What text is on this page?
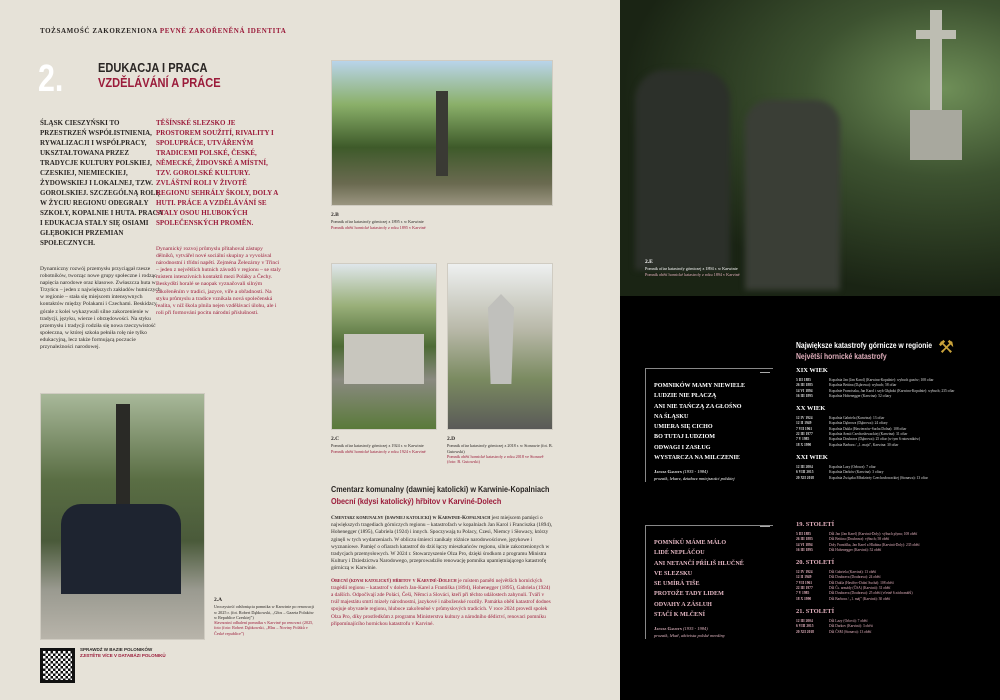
TOŻSAMOŚĆ ZAKORZENIONA PEVNĚ ZAKOŘENĚNÁ IDENTITA
2.	EDUKACJA I PRACA
VZDĚLÁVÁNÍ A PRÁCE
ŚLĄSK CIESZYŃSKI TO PRZESTRZEŃ WSPÓŁISTNIENIA, RYWALIZACJI I WSPÓŁPRACY, UKSZTAŁTOWANA PRZEZ TRADYCJE KULTURY POLSKIEJ, CZESKIEJ, NIEMIECKIEJ, ŻYDOWSKIEJ I LOKALNEJ, TZW. GOROLSKIEJ. SZCZEGÓLNĄ ROLĘ W ŻYCIU REGIONU ODEGRAŁY SZKOŁY, KOPALNIE I HUTA. PRACA I EDUKACJA STAŁY SIĘ OSIAMI GŁĘBOKICH PRZEMIAN SPOŁECZNYCH.
Dynamiczny rozwój przemysłu przyciągał rzesze robotników, tworząc nowe grupy społeczne i rodząc napięcia narodowe oraz klasowe. Zwłaszcza huta w Trzyńcu – jeden z największych zakładów hutniczych w regionie – stała się miejscem intensywnych kontaktów między Polakami i Czechami. Beskidzcy górale z kolei wykazywali silne zakorzenienie w tradycji, języku, wierze i obrzędowości. Na styku przemysłu i tradycji rodziła się nowa rzeczywistość społeczna, w której szkoła pełniła rolę nie tylko edukacyjną, lecz także formującą poczucie przynależności narodowej.
TĚŠÍNSKÉ SLEZSKO JE PROSTOREM SOUŽITÍ, RIVALITY I SPOLUPRÁCE, UTVÁŘENÝM TRADICEMI POLSKÉ, ČESKÉ, NĚMECKÉ, ŽIDOVSKÉ A MÍSTNÍ, TZV. GOROLSKÉ KULTURY. ZVLÁŠTNÍ ROLI V ŽIVOTĚ REGIONU SEHRÁLY ŠKOLY, DOLY A HUTI. PRÁCE A VZDĚLÁVÁNÍ SE STALY OSOU HLUBOKÝCH SPOLEČENSKÝCH PROMĚN.
Dynamický rozvoj průmyslu přitahoval zástupy dělníků, vytvářel nové sociální skupiny a vyvolával národnostní i třídní napětí. Zejména Železárny v Třinci – jeden z největších hutních závodů v regionu – se staly místem intenzivních kontaktů mezi Poláky a Čechy. Beskydští horalé se naopak vyznačovali silným zakořeněním v tradici, jazyce, víře a obřadnosti. Na styku průmyslu a tradice vznikala nová společenská realita, v níž škola plnila nejen vzdělávací úlohu, ale i roli při formování pocitu národní příslušnosti.
2.B
Pomnik ofiar katastrofy górniczej z 1895 r. w Karwinie
Pomník obětí hornické katastrofy z roku 1895 v Karviné
2.C
Pomnik ofiar katastrofy górniczej z 1924 r. w Karwinie
Pomník obětí hornické katastrofy z roku 1924 v Karviné
2.D
Pomnik ofiar katastrofy górniczej z 2018 r. w Stonawie (fot. B. Gutowski)
Pomník obětí hornické katastrofy z roku 2018 ve Stonavě (foto: B. Gutowski)
2.A
Uroczystość odsłonięcia pomnika w Karwinie po renowacji w 2025 r. (fot. Robert Dąbkowski, „Głos – Gazeta Polaków w Republice Czeskiej”)
Slavnostní odhalení pomníku v Karviné po renovaci (2025, foto (foto: Robert Dąbkowski, „Hlas – Noviny Poláků v České republice”)
SPRAWDŹ W BAZIE POLONIKÓW
ZJISTĚTE VÍCE V DATABÁZI POLONIKŮ
Cmentarz komunalny (dawniej katolicki) w Karwinie-Kopalniach
Obecní (kdysi katolický) hřbitov v Karviné-Dolech
Cmentarz komunalny (dawniej katolicki) w Karwinie-Kopalniach jest miejscem pamięci o największych tragediach górniczych regionu – katastrofach w kopalniach Jan Karol i Franciszka (1894), Hohenegger (1895), Gabriela (1924) i innych. Spoczywają tu Polacy, Czesi, Niemcy i Słowacy, którzy zginęli w tych wydarzeniach. W obliczu śmierci zanikały różnice narodowościowe, językowe i wyznaniowe. Pamięć o ofiarach katastrof do dziś łączy mieszkańców regionu, silnie zakorzenionych w tradycjach przemysłowych. W 2024 r. Stowarzyszenie Olza Pro, dzięki środkom z programu Ministra Kultury i Dziedzictwa Narodowego, przeprowadziło renowację pomnika upamiętniającego katastrofę górniczą w Karwinie.
Obecní (kdysi katolický) hřbitov v Karviné-Dolech je místem paměti největších hornických tragédií regionu – katastrof v dolech Jan-Karel a Františka (1894), Hohenegger (1895), Gabriela (1924) a dalších. Odpočívají zde Poláci, Češi, Němci a Slováci, kteří při těchto událostech zahynuli. Tváří v tvář majestátu smrti mizely národnostní, jazykové i náboženské rozdíly. Památka obětí katastrof dodnes spojuje obyvatele regionu, hluboce zakořeněné v průmyslových tradicích. V roce 2024 provedl spolek Olza Pro, díky prostředkům z programu Ministerstva kultury a národního dědictví, renovaci pomníku připomínajícího hornickou katastrofu v Karviné.
2.E
Pomnik ofiar katastrofy górniczej z 1894 r. w Karwinie
Pomník obětí hornické katastrofy z roku 1894 v Karviné
POMNIKÓW MAMY NIEWIELE
LUDZIE NIE PŁACZĄ
ANI NIE TAŃCZĄ ZA GŁOŚNO
NA ŚLĄSKU
UMIERA SIĘ CICHO
BO TUTAJ LUDZIOM
ODWAGI I ZASŁUG
WYSTARCZA NA MILCZENIE
Janusz Gaudyn (1935 - 1984)
prozaik, lekarz, działacz mniejszości polskiej
POMNÍKŮ MÁME MÁLO
LIDÉ NEPLÁČOU
ANI NETANČÍ PŘÍLIŠ HLUČNĚ
VE SLEZSKU
SE UMÍRÁ TIŠE
PROTOŽE TADY LIDEM
ODVAHY A ZÁSLUH
STAČÍ K MLČENÍ
Janusz Gaudyn (1935 - 1984)
prozaik, lékař, aktivista polské menšiny
Największe katastrofy górnicze w regionie
Největší hornické katastrofy	⚒
XIX WIEK
5 III 1885	Kopalnia Jan (Jan Karol) (Karwina-Kopalnie): wybuch gazów; 108 ofiar
26 III 1885	Kopalnia Bettina (Dąbrowa): wybuch; 58 ofiar
14 VI 1894	Kopalnie Franciszka, Jan Karol i szyb Głęboki (Karwina-Kopalnie): wybuch; 235 ofiar
16 III 1895	Kopalnia Hohenegger (Karwina): 52 ofiary
XX WIEK
12 IV 1924	Kopalnia Gabriela (Karwina): 13 ofiar
12 II 1949	Kopalnia Dąbrowa (Dąbrowa): 24 ofiary
7 VII 1961	Kopalnia Dukla (Hawierzów-Sucha Dolna): 108 ofiar
22 III 1977	Kopalnia Armii Czechosłowackiej (Karwina): 31 ofiar
7 V 1985	Kopalnia Doubrava (Dąbrowa): 25 ofiar (w tym 6 ratowników)
18 X 1990	Kopalnia Barbara / „1. maja”, Karwina: 30 ofiar
XXI WIEK
12 III 2004	Kopalnia Lazy (Orłowa): 7 ofiar
6 VIII 2015	Kopalnia Darków (Karwina): 3 ofiary
20 XII 2018	Kopalnia Związku Młodzieży Czechosłowackiej (Stonawa): 13 ofiar
19. STOLETÍ
5 III 1885	Důl Jan (Jan Karel) (Karviná-Doly): výbuch plynu; 108 obětí
26 III 1885	Důl Bettina (Doubrava): výbuch; 58 obětí
14 VI 1894	Doly Františka, Jan Karel a Hlubina (Karviná-Doly): 235 obětí
16 III 1895	Důl Hohenegger (Karviná): 52 obětí
20. STOLETÍ
12 IV 1924	Důl Gabriela (Karviná): 13 obětí
12 II 1949	Důl Doubrava (Doubrava): 24 obětí
7 VII 1961	Důl Dukla (Havířov-Dolní Suchá): 108 obětí
22 III 1977	Důl Čs. armády (ČSA) (Karviná): 31 obětí
7 V 1985	Důl Doubrava (Doubrava): 25 obětí (včetně 6 záchranářů)
18 X 1990	Důl Barbora / „1. máj” (Karviná): 30 obětí
21. STOLETÍ
12 III 2004	Důl Lazy (Orlová): 7 obětí
6 VIII 2015	Důl Darkov (Karviná): 3 oběti
20 XII 2018	Důl ČSM (Stonava): 13 obětí
